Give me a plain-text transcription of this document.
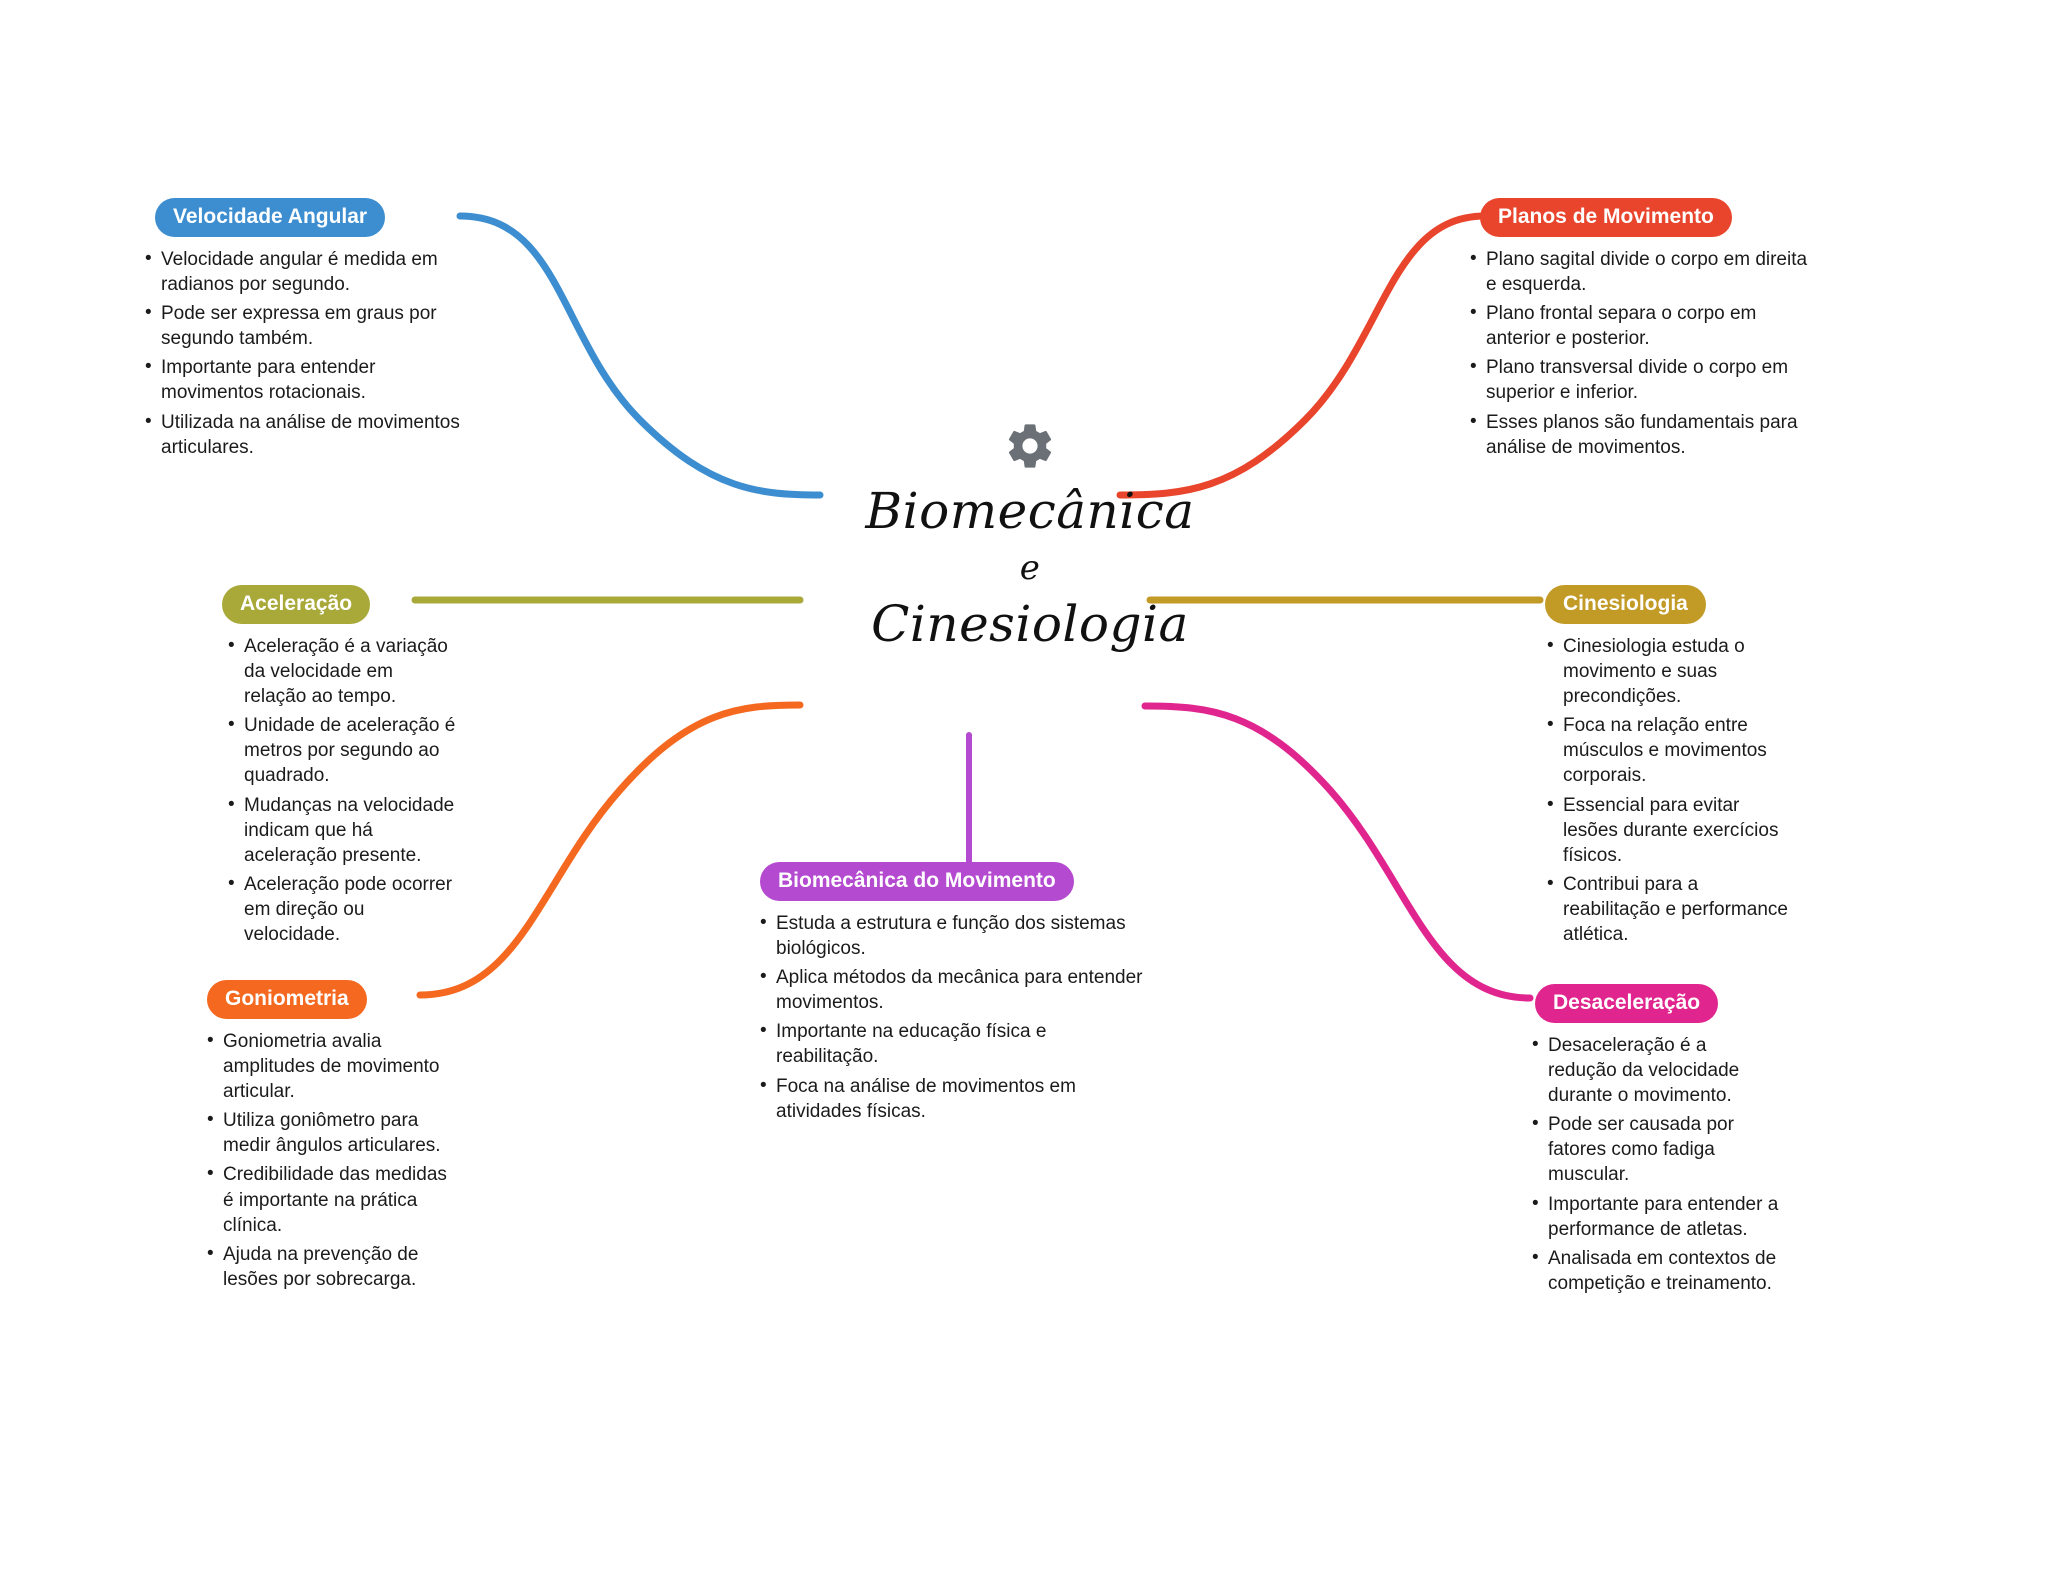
Biomecânica
e
Cinesiologia
Velocidade Angular
• Velocidade angular é medida em radianos por segundo.
• Pode ser expressa em graus por segundo também.
• Importante para entender movimentos rotacionais.
• Utilizada na análise de movimentos articulares.
Planos de Movimento
• Plano sagital divide o corpo em direita e esquerda.
• Plano frontal separa o corpo em anterior e posterior.
• Plano transversal divide o corpo em superior e inferior.
• Esses planos são fundamentais para análise de movimentos.
Aceleração
• Aceleração é a variação da velocidade em relação ao tempo.
• Unidade de aceleração é metros por segundo ao quadrado.
• Mudanças na velocidade indicam que há aceleração presente.
• Aceleração pode ocorrer em direção ou velocidade.
Cinesiologia
• Cinesiologia estuda o movimento e suas precondições.
• Foca na relação entre músculos e movimentos corporais.
• Essencial para evitar lesões durante exercícios físicos.
• Contribui para a reabilitação e performance atlética.
Goniometria
• Goniometria avalia amplitudes de movimento articular.
• Utiliza goniômetro para medir ângulos articulares.
• Credibilidade das medidas é importante na prática clínica.
• Ajuda na prevenção de lesões por sobrecarga.
Desaceleração
• Desaceleração é a redução da velocidade durante o movimento.
• Pode ser causada por fatores como fadiga muscular.
• Importante para entender a performance de atletas.
• Analisada em contextos de competição e treinamento.
Biomecânica do Movimento
• Estuda a estrutura e função dos sistemas biológicos.
• Aplica métodos da mecânica para entender movimentos.
• Importante na educação física e reabilitação.
• Foca na análise de movimentos em atividades físicas.
